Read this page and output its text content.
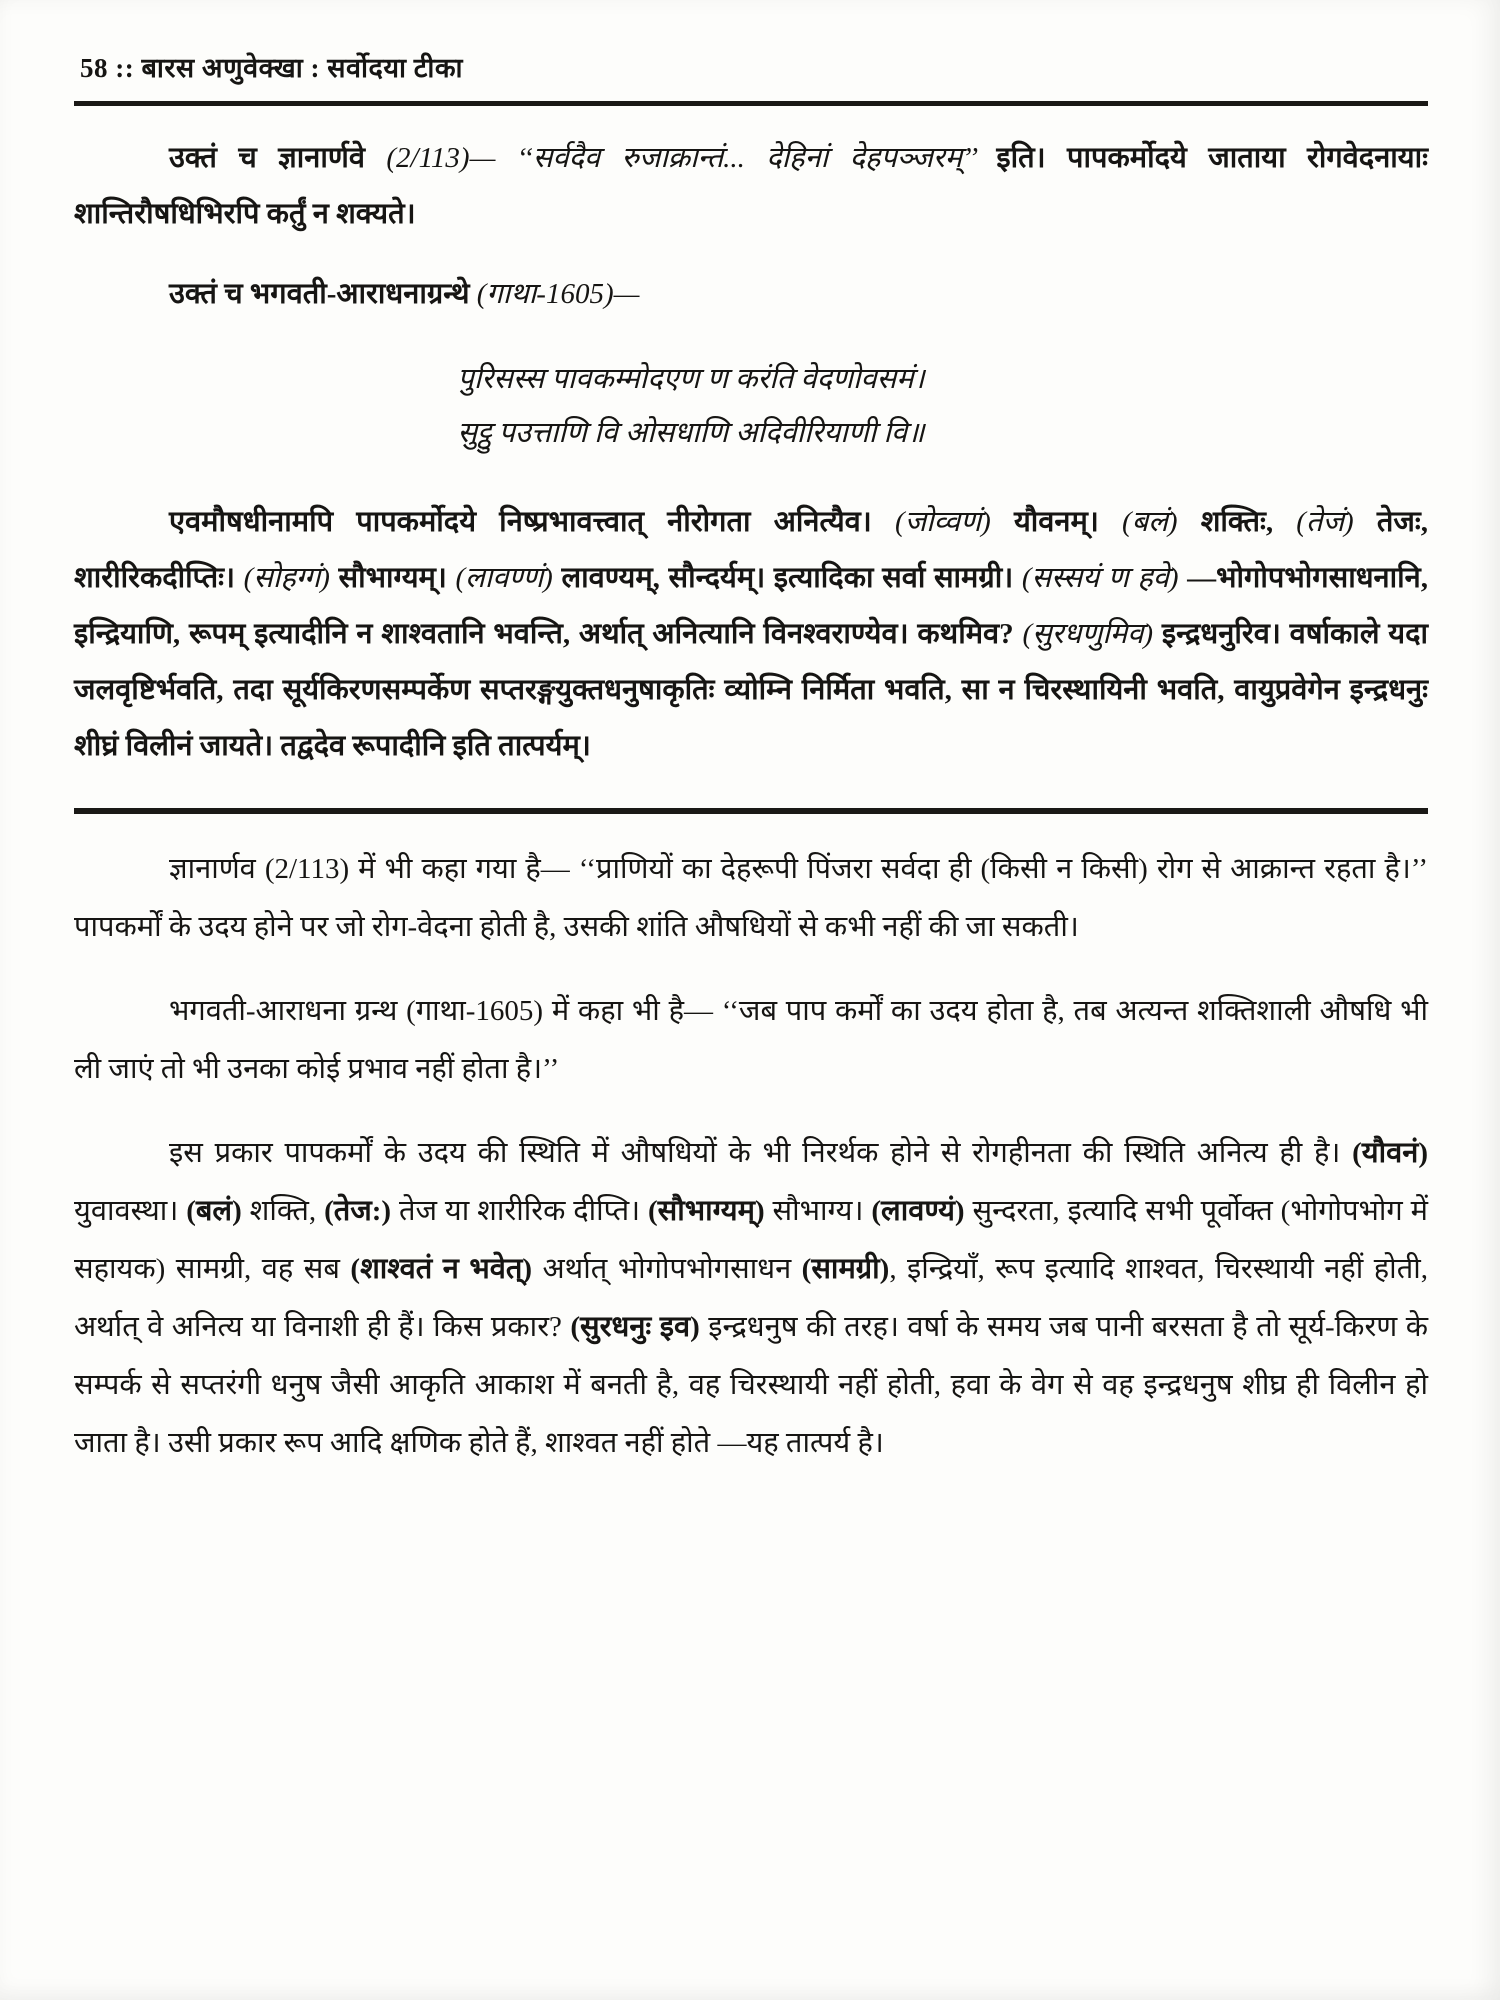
58 :: बारस अणुवेक्खा : सर्वोदया टीका

उक्तं च ज्ञानार्णवे (2/113)— ‘‘सर्वदैव रुजाक्रान्तं... देहिनां देहपञ्जरम्’’ इति। पापकर्मोदये जाताया रोगवेदनायाः शान्तिरौषधिभिरपि कर्तुं न शक्यते।

उक्तं च भगवती-आराधनाग्रन्थे (गाथा-1605)—

पुरिसस्स पावकम्मोदएण ण करंति वेदणोवसमं।
सुट्ठु पउत्ताणि वि ओसधाणि अदिवीरियाणी वि॥

एवमौषधीनामपि पापकर्मोदये निष्प्रभावत्त्वात् नीरोगता अनित्यैव। (जोव्वणं) यौवनम्। (बलं) शक्तिः, (तेजं) तेजः, शारीरिकदीप्तिः। (सोहग्गं) सौभाग्यम्। (लावण्णं) लावण्यम्, सौन्दर्यम्। इत्यादिका सर्वा सामग्री। (सस्सयं ण हवे) —भोगोपभोगसाधनानि, इन्द्रियाणि, रूपम् इत्यादीनि न शाश्वतानि भवन्ति, अर्थात् अनित्यानि विनश्वराण्येव। कथमिव? (सुरधणुमिव) इन्द्रधनुरिव। वर्षाकाले यदा जलवृष्टिर्भवति, तदा सूर्यकिरणसम्पर्केण सप्तरङ्गयुक्तधनुषाकृतिः व्योम्नि निर्मिता भवति, सा न चिरस्थायिनी भवति, वायुप्रवेगेन इन्द्रधनुः शीघ्रं विलीनं जायते। तद्वदेव रूपादीनि इति तात्पर्यम्।

ज्ञानार्णव (2/113) में भी कहा गया है— ‘‘प्राणियों का देहरूपी पिंजरा सर्वदा ही (किसी न किसी) रोग से आक्रान्त रहता है।’’ पापकर्मों के उदय होने पर जो रोग-वेदना होती है, उसकी शांति औषधियों से कभी नहीं की जा सकती।

भगवती-आराधना ग्रन्थ (गाथा-1605) में कहा भी है— ‘‘जब पाप कर्मों का उदय होता है, तब अत्यन्त शक्तिशाली औषधि भी ली जाएं तो भी उनका कोई प्रभाव नहीं होता है।’’

इस प्रकार पापकर्मों के उदय की स्थिति में औषधियों के भी निरर्थक होने से रोगहीनता की स्थिति अनित्य ही है। (यौवनं) युवावस्था। (बलं) शक्ति, (तेज:) तेज या शारीरिक दीप्ति। (सौभाग्यम्) सौभाग्य। (लावण्यं) सुन्दरता, इत्यादि सभी पूर्वोक्त (भोगोपभोग में सहायक) सामग्री, वह सब (शाश्वतं न भवेत्) अर्थात् भोगोपभोगसाधन (सामग्री), इन्द्रियाँ, रूप इत्यादि शाश्वत, चिरस्थायी नहीं होती, अर्थात् वे अनित्य या विनाशी ही हैं। किस प्रकार? (सुरधनुः इव) इन्द्रधनुष की तरह। वर्षा के समय जब पानी बरसता है तो सूर्य-किरण के सम्पर्क से सप्तरंगी धनुष जैसी आकृति आकाश में बनती है, वह चिरस्थायी नहीं होती, हवा के वेग से वह इन्द्रधनुष शीघ्र ही विलीन हो जाता है। उसी प्रकार रूप आदि क्षणिक होते हैं, शाश्वत नहीं होते —यह तात्पर्य है।
